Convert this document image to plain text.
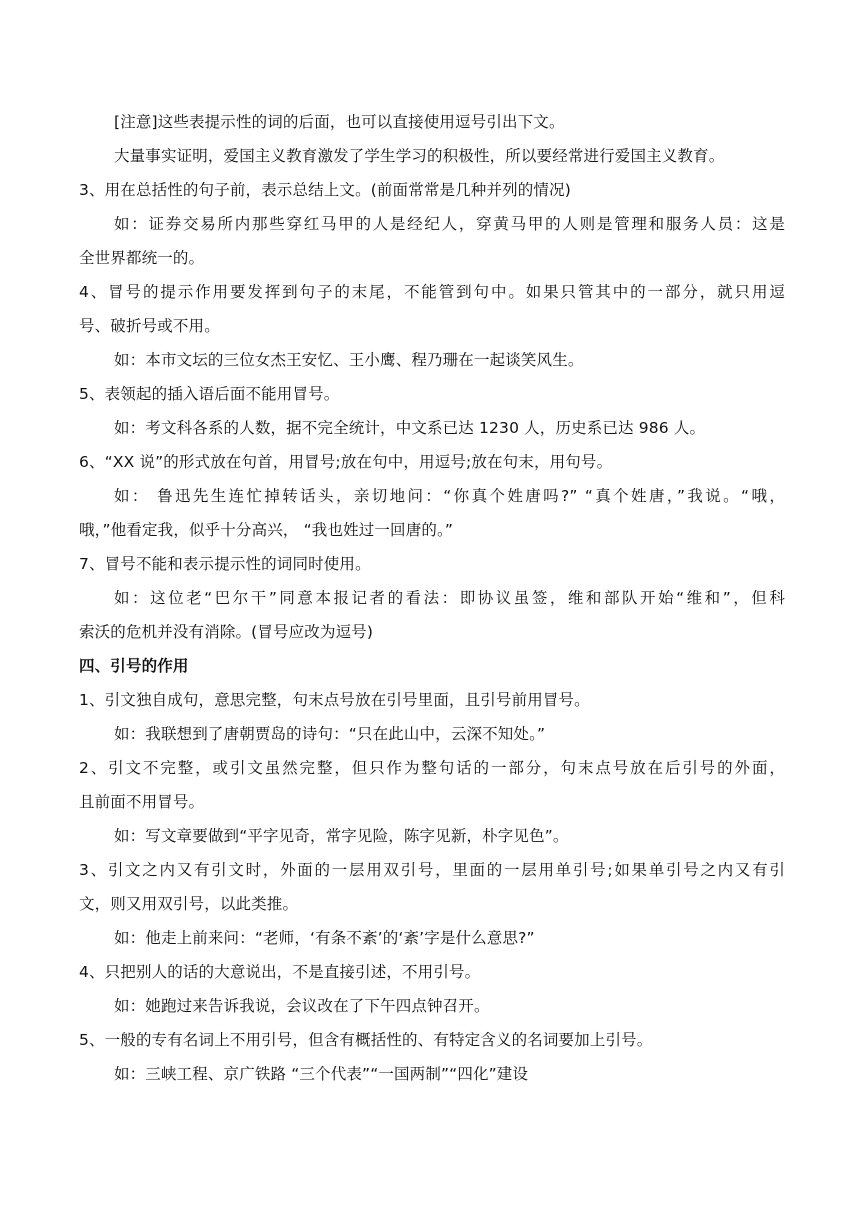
[注意]这些表提示性的词的后面，也可以直接使用逗号引出下文。
大量事实证明，爱国主义教育激发了学生学习的积极性，所以要经常进行爱国主义教育。
3、用在总括性的句子前，表示总结上文。(前面常常是几种并列的情况)
如：证券交易所内那些穿红马甲的人是经纪人，穿黄马甲的人则是管理和服务人员：这是
全世界都统一的。
4、冒号的提示作用要发挥到句子的末尾，不能管到句中。如果只管其中的一部分，就只用逗
号、破折号或不用。
如：本市文坛的三位女杰王安忆、王小鹰、程乃珊在一起谈笑风生。
5、表领起的插入语后面不能用冒号。
如：考文科各系的人数，据不完全统计，中文系已达 1230 人，历史系已达 986 人。
6、“XX 说”的形式放在句首，用冒号;放在句中，用逗号;放在句末，用句号。
如： 鲁迅先生连忙掉转话头，亲切地问：“你真个姓唐吗?” “真个姓唐，”我说。“哦，
哦，”他看定我，似乎十分高兴， “我也姓过一回唐的。”
7、冒号不能和表示提示性的词同时使用。
如：这位老“巴尔干”同意本报记者的看法：即协议虽签，维和部队开始“维和”，但科
索沃的危机并没有消除。(冒号应改为逗号)
四、引号的作用
1、引文独自成句，意思完整，句末点号放在引号里面，且引号前用冒号。
如：我联想到了唐朝贾岛的诗句：“只在此山中，云深不知处。”
2、引文不完整，或引文虽然完整，但只作为整句话的一部分，句末点号放在后引号的外面，
且前面不用冒号。
如：写文章要做到“平字见奇，常字见险，陈字见新，朴字见色”。
3、引文之内又有引文时，外面的一层用双引号，里面的一层用单引号;如果单引号之内又有引
文，则又用双引号，以此类推。
如：他走上前来问：“老师，‘有条不紊’的‘紊’字是什么意思?”
4、只把别人的话的大意说出，不是直接引述，不用引号。
如：她跑过来告诉我说，会议改在了下午四点钟召开。
5、一般的专有名词上不用引号，但含有概括性的、有特定含义的名词要加上引号。
如：三峡工程、京广铁路 “三个代表”“一国两制”“四化”建设
